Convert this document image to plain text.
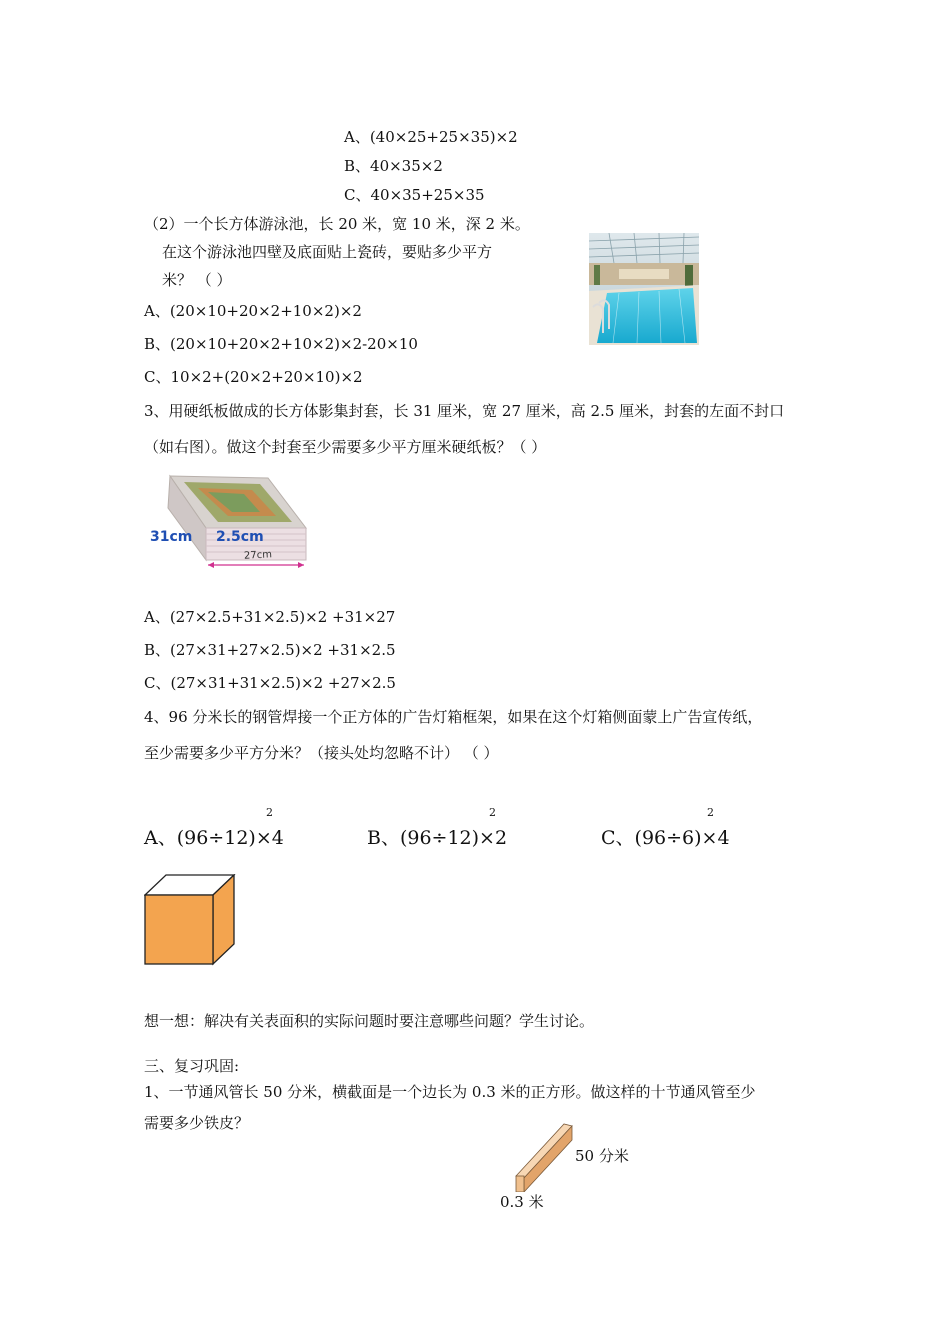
A、(40×25+25×35)×2
B、40×35×2
C、40×35+25×35
（2）一个长方体游泳池，长 20 米，宽 10 米，深 2 米。
在这个游泳池四壁及底面贴上瓷砖，要贴多少平方
米？ （ ）
A、(20×10+20×2+10×2)×2
B、(20×10+20×2+10×2)×2-20×10
C、10×2+(20×2+20×10)×2
3、用硬纸板做成的长方体影集封套，长 31 厘米，宽 27 厘米，高 2.5 厘米，封套的左面不封口
（如右图）。做这个封套至少需要多少平方厘米硬纸板？（ ）
31cm 2.5cm
27cm
A、(27×2.5+31×2.5)×2 +31×27
B、(27×31+27×2.5)×2 +31×2.5
C、(27×31+31×2.5)×2 +27×2.5
4、96 分米长的钢管焊接一个正方体的广告灯箱框架，如果在这个灯箱侧面蒙上广告宣传纸，
至少需要多少平方分米？（接头处均忽略不计） （ ）
A、(96÷12)×4
2
B、(96÷12)×2
2
C、(96÷6)×4
2
想一想：解决有关表面积的实际问题时要注意哪些问题？学生讨论。
三、复习巩固:
1、一节通风管长 50 分米，横截面是一个边长为 0.3 米的正方形。做这样的十节通风管至少
需要多少铁皮？
50 分米
0.3 米
